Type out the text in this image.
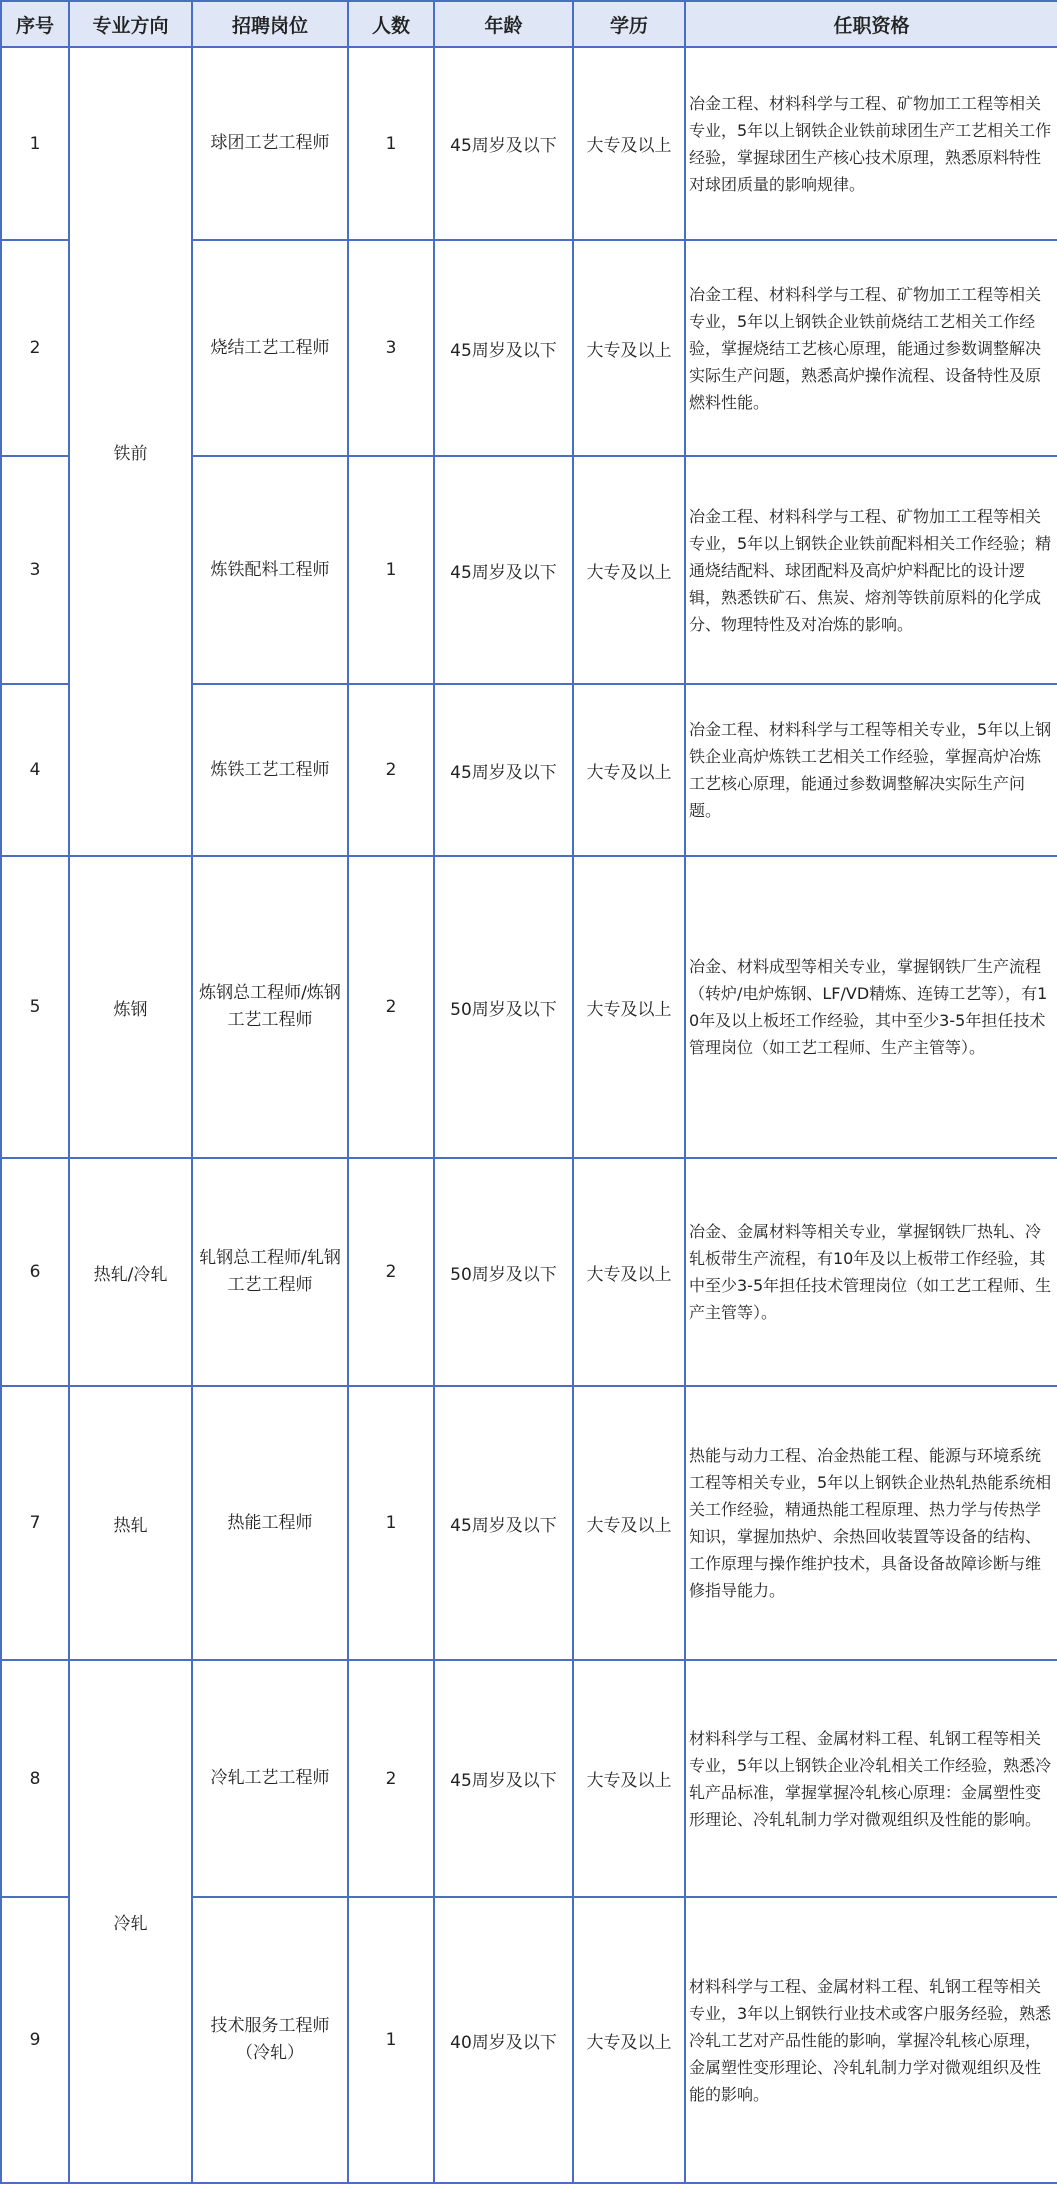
序号	专业方向	招聘岗位	人数	年龄	学历	任职资格
1	铁前	球团工艺工程师	1	45周岁及以下	大专及以上	冶金工程、材料科学与工程、矿物加工工程等相关专业，5年以上钢铁企业铁前球团生产工艺相关工作经验，掌握球团生产核心技术原理，熟悉原料特性对球团质量的影响规律。
2		烧结工艺工程师	3	45周岁及以下	大专及以上	冶金工程、材料科学与工程、矿物加工工程等相关专业，5年以上钢铁企业铁前烧结工艺相关工作经验，掌握烧结工艺核心原理，能通过参数调整解决实际生产问题，熟悉高炉操作流程、设备特性及原燃料性能。
3		炼铁配料工程师	1	45周岁及以下	大专及以上	冶金工程、材料科学与工程、矿物加工工程等相关专业，5年以上钢铁企业铁前配料相关工作经验；精通烧结配料、球团配料及高炉炉料配比的设计逻辑，熟悉铁矿石、焦炭、熔剂等铁前原料的化学成分、物理特性及对冶炼的影响。
4		炼铁工艺工程师	2	45周岁及以下	大专及以上	冶金工程、材料科学与工程等相关专业，5年以上钢铁企业高炉炼铁工艺相关工作经验，掌握高炉冶炼工艺核心原理，能通过参数调整解决实际生产问题。
5	炼钢	炼钢总工程师/炼钢工艺工程师	2	50周岁及以下	大专及以上	冶金、材料成型等相关专业，掌握钢铁厂生产流程（转炉/电炉炼钢、LF/VD精炼、连铸工艺等），有10年及以上板坯工作经验，其中至少3-5年担任技术管理岗位（如工艺工程师、生产主管等）。
6	热轧/冷轧	轧钢总工程师/轧钢工艺工程师	2	50周岁及以下	大专及以上	冶金、金属材料等相关专业，掌握钢铁厂热轧、冷轧板带生产流程，有10年及以上板带工作经验，其中至少3-5年担任技术管理岗位（如工艺工程师、生产主管等）。
7	热轧	热能工程师	1	45周岁及以下	大专及以上	热能与动力工程、冶金热能工程、能源与环境系统工程等相关专业，5年以上钢铁企业热轧热能系统相关工作经验，精通热能工程原理、热力学与传热学知识，掌握加热炉、余热回收装置等设备的结构、工作原理与操作维护技术，具备设备故障诊断与维修指导能力。
8	冷轧	冷轧工艺工程师	2	45周岁及以下	大专及以上	材料科学与工程、金属材料工程、轧钢工程等相关专业，5年以上钢铁企业冷轧相关工作经验，熟悉冷轧产品标准，掌握掌握冷轧核心原理：金属塑性变形理论、冷轧轧制力学对微观组织及性能的影响。
9		技术服务工程师（冷轧）	1	40周岁及以下	大专及以上	材料科学与工程、金属材料工程、轧钢工程等相关专业，3年以上钢铁行业技术或客户服务经验，熟悉冷轧工艺对产品性能的影响，掌握冷轧核心原理，金属塑性变形理论、冷轧轧制力学对微观组织及性能的影响。
